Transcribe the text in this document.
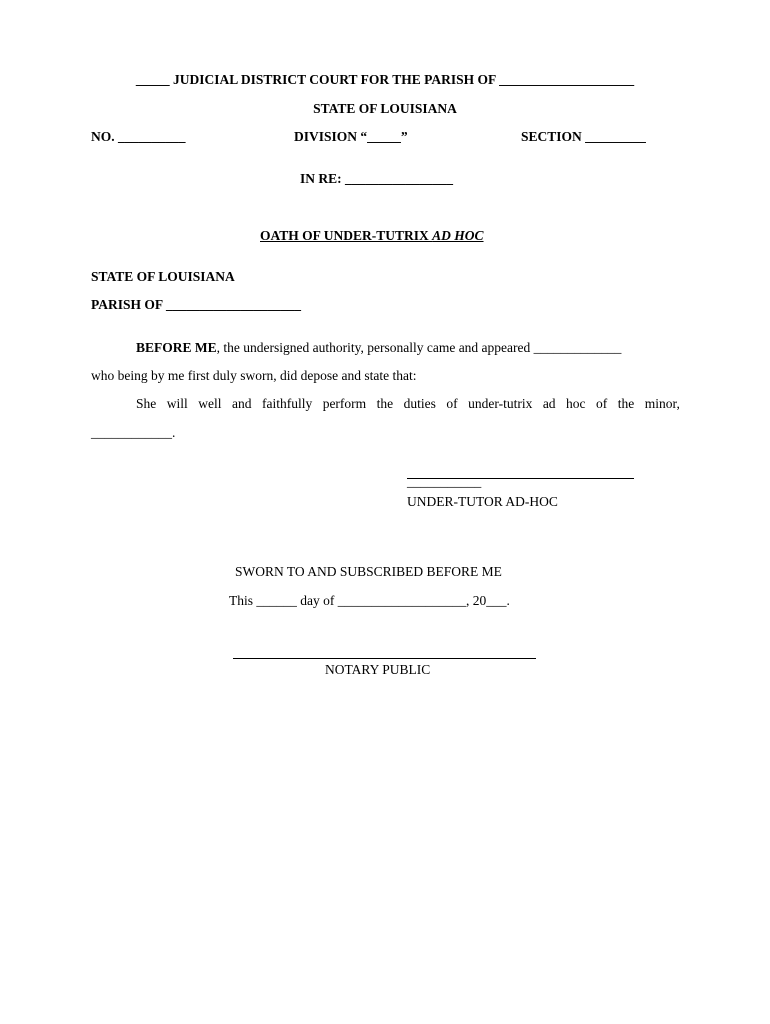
_____ JUDICIAL DISTRICT COURT FOR THE PARISH OF ____________________
STATE OF LOUISIANA
NO. __________	DIVISION “_____”	SECTION _________
IN RE: ________________
OATH OF UNDER-TUTRIX AD HOC
STATE OF LOUISIANA
PARISH OF ____________________
BEFORE ME, the undersigned authority, personally came and appeared _____________
who being by me first duly sworn, did depose and state that:
She will well and faithfully perform the duties of under-tutrix ad hoc of the minor,
____________.
___________
UNDER-TUTOR AD-HOC
SWORN TO AND SUBSCRIBED BEFORE ME
This ______ day of ___________________, 20___.
NOTARY PUBLIC
